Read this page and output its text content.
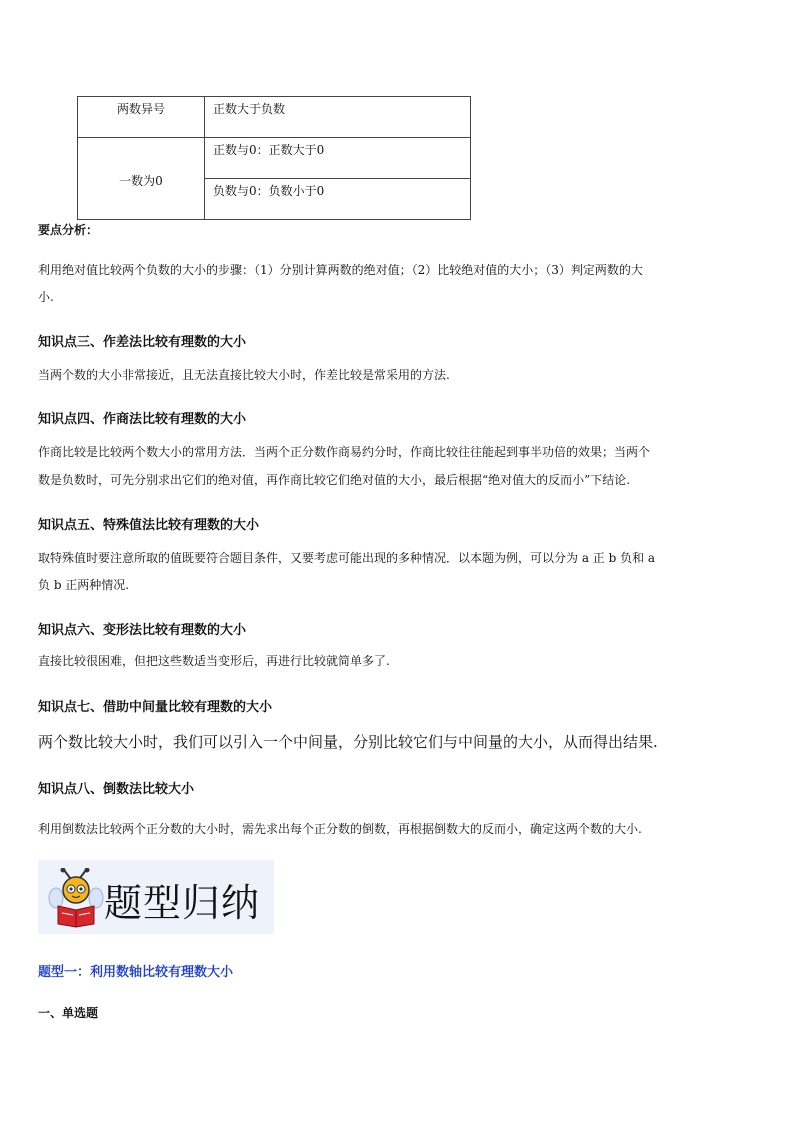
两数异号	正数大于负数

一数为0	正数与0：正数大于0

	负数与0：负数小于0
要点分析：
利用绝对值比较两个负数的大小的步骤：（1）分别计算两数的绝对值；（2）比较绝对值的大小；（3）判定两数的大
小.
知识点三、作差法比较有理数的大小
当两个数的大小非常接近，且无法直接比较大小时，作差比较是常采用的方法.
知识点四、作商法比较有理数的大小
作商比较是比较两个数大小的常用方法．当两个正分数作商易约分时，作商比较往往能起到事半功倍的效果；当两个
数是负数时，可先分别求出它们的绝对值，再作商比较它们绝对值的大小，最后根据“绝对值大的反而小”下结论.
知识点五、特殊值法比较有理数的大小
取特殊值时要注意所取的值既要符合题目条件，又要考虑可能出现的多种情况．以本题为例，可以分为 a 正 b 负和 a
负 b 正两种情况.
知识点六、变形法比较有理数的大小
直接比较很困难，但把这些数适当变形后，再进行比较就简单多了.
知识点七、借助中间量比较有理数的大小
两个数比较大小时，我们可以引入一个中间量，分别比较它们与中间量的大小，从而得出结果.
知识点八、倒数法比较大小
利用倒数法比较两个正分数的大小时，需先求出每个正分数的倒数，再根据倒数大的反而小，确定这两个数的大小.
题型归纳
题型一：利用数轴比较有理数大小
一、单选题
